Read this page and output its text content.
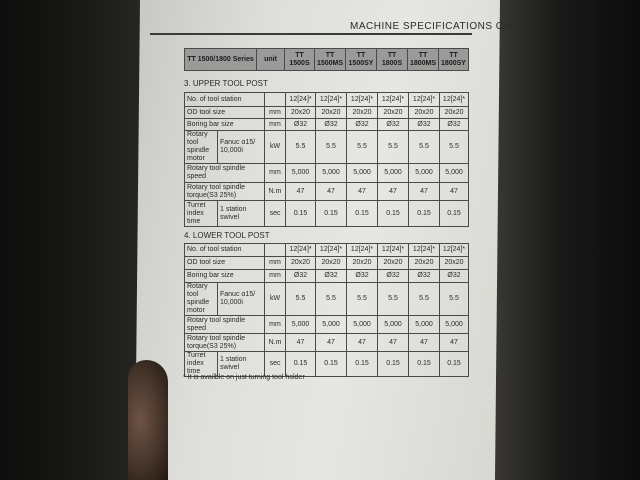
MACHINE SPECIFICATIONS C-5
TT 1500/1800 Series	unit	TT 1500S	TT 1500MS	TT 1500SY	TT 1800S	TT 1800MS	TT 1800SY
3. UPPER TOOL POST
No. of tool station			12[24]*	12[24]*	12[24]*	12[24]*	12[24]*	12[24]*
OD tool size		mm	20x20	20x20	20x20	20x20	20x20	20x20
Boring bar size		mm	Ø32	Ø32	Ø32	Ø32	Ø32	Ø32
Rotary tool spindle motor	Fanuc α15/ 10,000i	kW	5.5	5.5	5.5	5.5	5.5	5.5
Rotary tool spindle speed		mm	5,000	5,000	5,000	5,000	5,000	5,000
Rotary tool spindle torque(S3 25%)		N.m	47	47	47	47	47	47
Turret index time	1 station swivel	sec	0.15	0.15	0.15	0.15	0.15	0.15
4. LOWER TOOL POST
No. of tool station			12[24]*	12[24]*	12[24]*	12[24]*	12[24]*	12[24]*
OD tool size		mm	20x20	20x20	20x20	20x20	20x20	20x20
Boring bar size		mm	Ø32	Ø32	Ø32	Ø32	Ø32	Ø32
Rotary tool spindle motor	Fanuc α15/ 10,000i	kW	5.5	5.5	5.5	5.5	5.5	5.5
Rotary tool spindle speed		mm	5,000	5,000	5,000	5,000	5,000	5,000
Rotary tool spindle torque(S3 25%)		N.m	47	47	47	47	47	47
Turret index time	1 station swivel	sec	0.15	0.15	0.15	0.15	0.15	0.15
* It is availble on just turning tool holder
